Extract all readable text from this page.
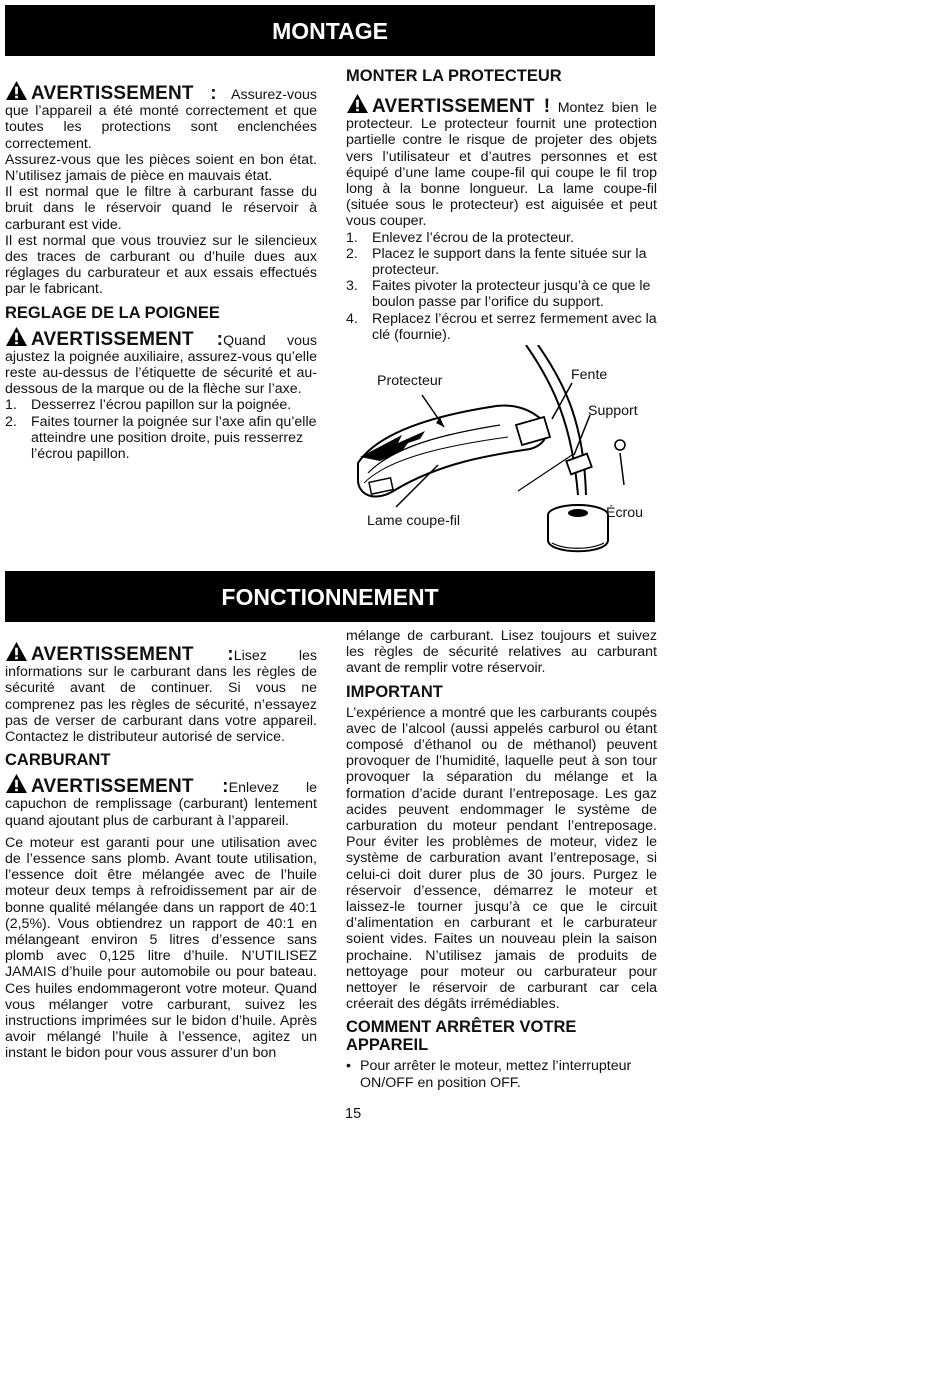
MONTAGE

AVERTISSEMENT : Assurez-vous que l’appareil a été monté correctement et que toutes les protections sont enclenchées correctement.

Assurez-vous que les pièces soient en bon état. N’utilisez jamais de pièce en mauvais état.

Il est normal que le filtre à carburant fasse du bruit dans le réservoir quand le réservoir à carburant est vide.

Il est normal que vous trouviez sur le silencieux des traces de carburant ou d’huile dues aux réglages du carburateur et aux essais effectués par le fabricant.

REGLAGE DE LA POIGNEE

AVERTISSEMENT :Quand vous ajustez la poignée auxiliaire, assurez-vous qu’elle reste au-dessus de l’étiquette de sécurité et au-dessous de la marque ou de la flèche sur l’axe.

1. Desserrez l’écrou papillon sur la poignée.
2. Faites tourner la poignée sur l’axe afin qu’elle atteindre une position droite, puis resserrez l’écrou papillon.
MONTER LA PROTECTEUR

AVERTISSEMENT ! Montez bien le protecteur. Le protecteur fournit une protection partielle contre le risque de projeter des objets vers l’utilisateur et d’autres personnes et est équipé d’une lame coupe-fil qui coupe le fil trop long à la bonne longueur. La lame coupe-fil (située sous le protecteur) est aiguisée et peut vous couper.

1. Enlevez l’écrou de la protecteur.
2. Placez le support dans la fente située sur la protecteur.
3. Faites pivoter la protecteur jusqu’à ce que le boulon passe par l’orifice du support.
4. Replacez l’écrou et serrez fermement avec la clé (fournie).
Protecteur	Fente
Support
Écrou
Lame coupe-fil
FONCTIONNEMENT

AVERTISSEMENT :Lisez les informations sur le carburant dans les règles de sécurité avant de continuer. Si vous ne comprenez pas les règles de sécurité, n’essayez pas de verser de carburant dans votre appareil. Contactez le distributeur autorisé de service.

CARBURANT

AVERTISSEMENT :Enlevez le capuchon de remplissage (carburant) lentement quand ajoutant plus de carburant à l’appareil.

Ce moteur est garanti pour une utilisation avec de l’essence sans plomb. Avant toute utilisation, l’essence doit être mélangée avec de l’huile moteur deux temps à refroidissement par air de bonne qualité mélangée dans un rapport de 40:1 (2,5%). Vous obtiendrez un rapport de 40:1 en mélangeant environ 5 litres d’essence sans plomb avec 0,125 litre d’huile. N’UTILISEZ JAMAIS d’huile pour automobile ou pour bateau. Ces huiles endommageront votre moteur. Quand vous mélanger votre carburant, suivez les instructions imprimées sur le bidon d’huile. Après avoir mélangé l’huile à l’essence, agitez un instant le bidon pour vous assurer d’un bon

mélange de carburant. Lisez toujours et suivez les règles de sécurité relatives au carburant avant de remplir votre réservoir.

IMPORTANT

L’expérience a montré que les carburants coupés avec de l’alcool (aussi appelés carburol ou étant composé d’éthanol ou de méthanol) peuvent provoquer de l’humidité, laquelle peut à son tour provoquer la séparation du mélange et la formation d’acide durant l’entreposage. Les gaz acides peuvent endommager le système de carburation du moteur pendant l’entreposage. Pour éviter les problèmes de moteur, videz le système de carburation avant l’entreposage, si celui-ci doit durer plus de 30 jours. Purgez le réservoir d’essence, démarrez le moteur et laissez-le tourner jusqu’à ce que le circuit d’alimentation en carburant et le carburateur soient vides. Faites un nouveau plein la saison prochaine. N’utilisez jamais de produits de nettoyage pour moteur ou carburateur pour nettoyer le réservoir de carburant car cela créerait des dégâts irrémédiables.

COMMENT ARRÊTER VOTRE APPAREIL
• Pour arrêter le moteur, mettez l’interrupteur ON/OFF en position OFF.
15
